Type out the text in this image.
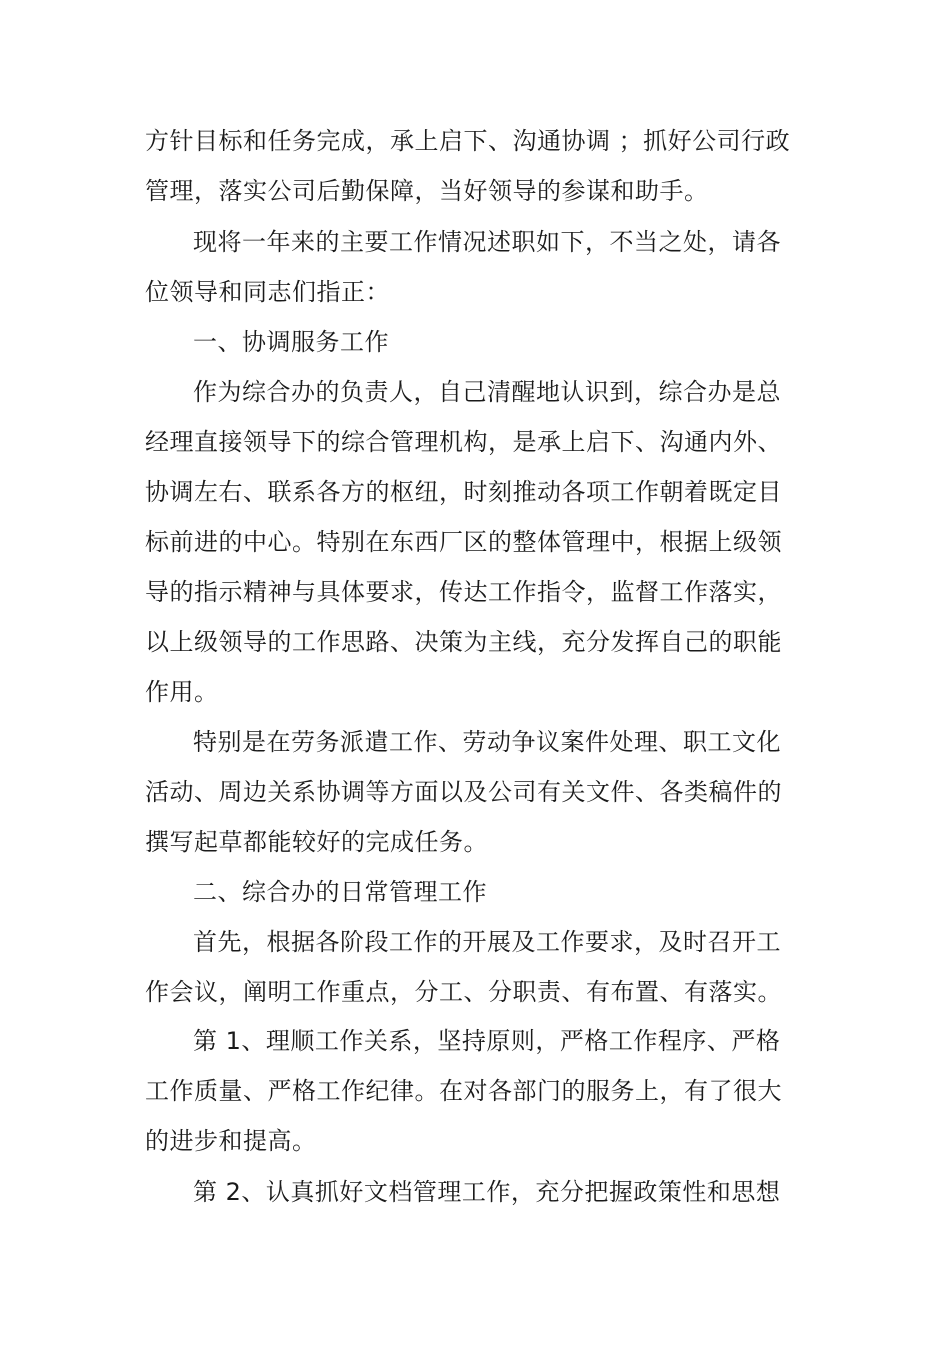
方针目标和任务完成，承上启下、沟通协调 ；抓好公司行政
管理，落实公司后勤保障，当好领导的参谋和助手。
现将一年来的主要工作情况述职如下，不当之处，请各
位领导和同志们指正：
一、协调服务工作
作为综合办的负责人，自己清醒地认识到，综合办是总
经理直接领导下的综合管理机构，是承上启下、沟通内外、
协调左右、联系各方的枢纽，时刻推动各项工作朝着既定目
标前进的中心。特别在东西厂区的整体管理中，根据上级领
导的指示精神与具体要求，传达工作指令，监督工作落实，
以上级领导的工作思路、决策为主线，充分发挥自己的职能
作用。
特别是在劳务派遣工作、劳动争议案件处理、职工文化
活动、周边关系协调等方面以及公司有关文件、各类稿件的
撰写起草都能较好的完成任务。
二、综合办的日常管理工作
首先，根据各阶段工作的开展及工作要求，及时召开工
作会议，阐明工作重点，分工、分职责、有布置、有落实。
第 1、理顺工作关系，坚持原则，严格工作程序、严格
工作质量、严格工作纪律。在对各部门的服务上，有了很大
的进步和提高。
第 2、认真抓好文档管理工作，充分把握政策性和思想
